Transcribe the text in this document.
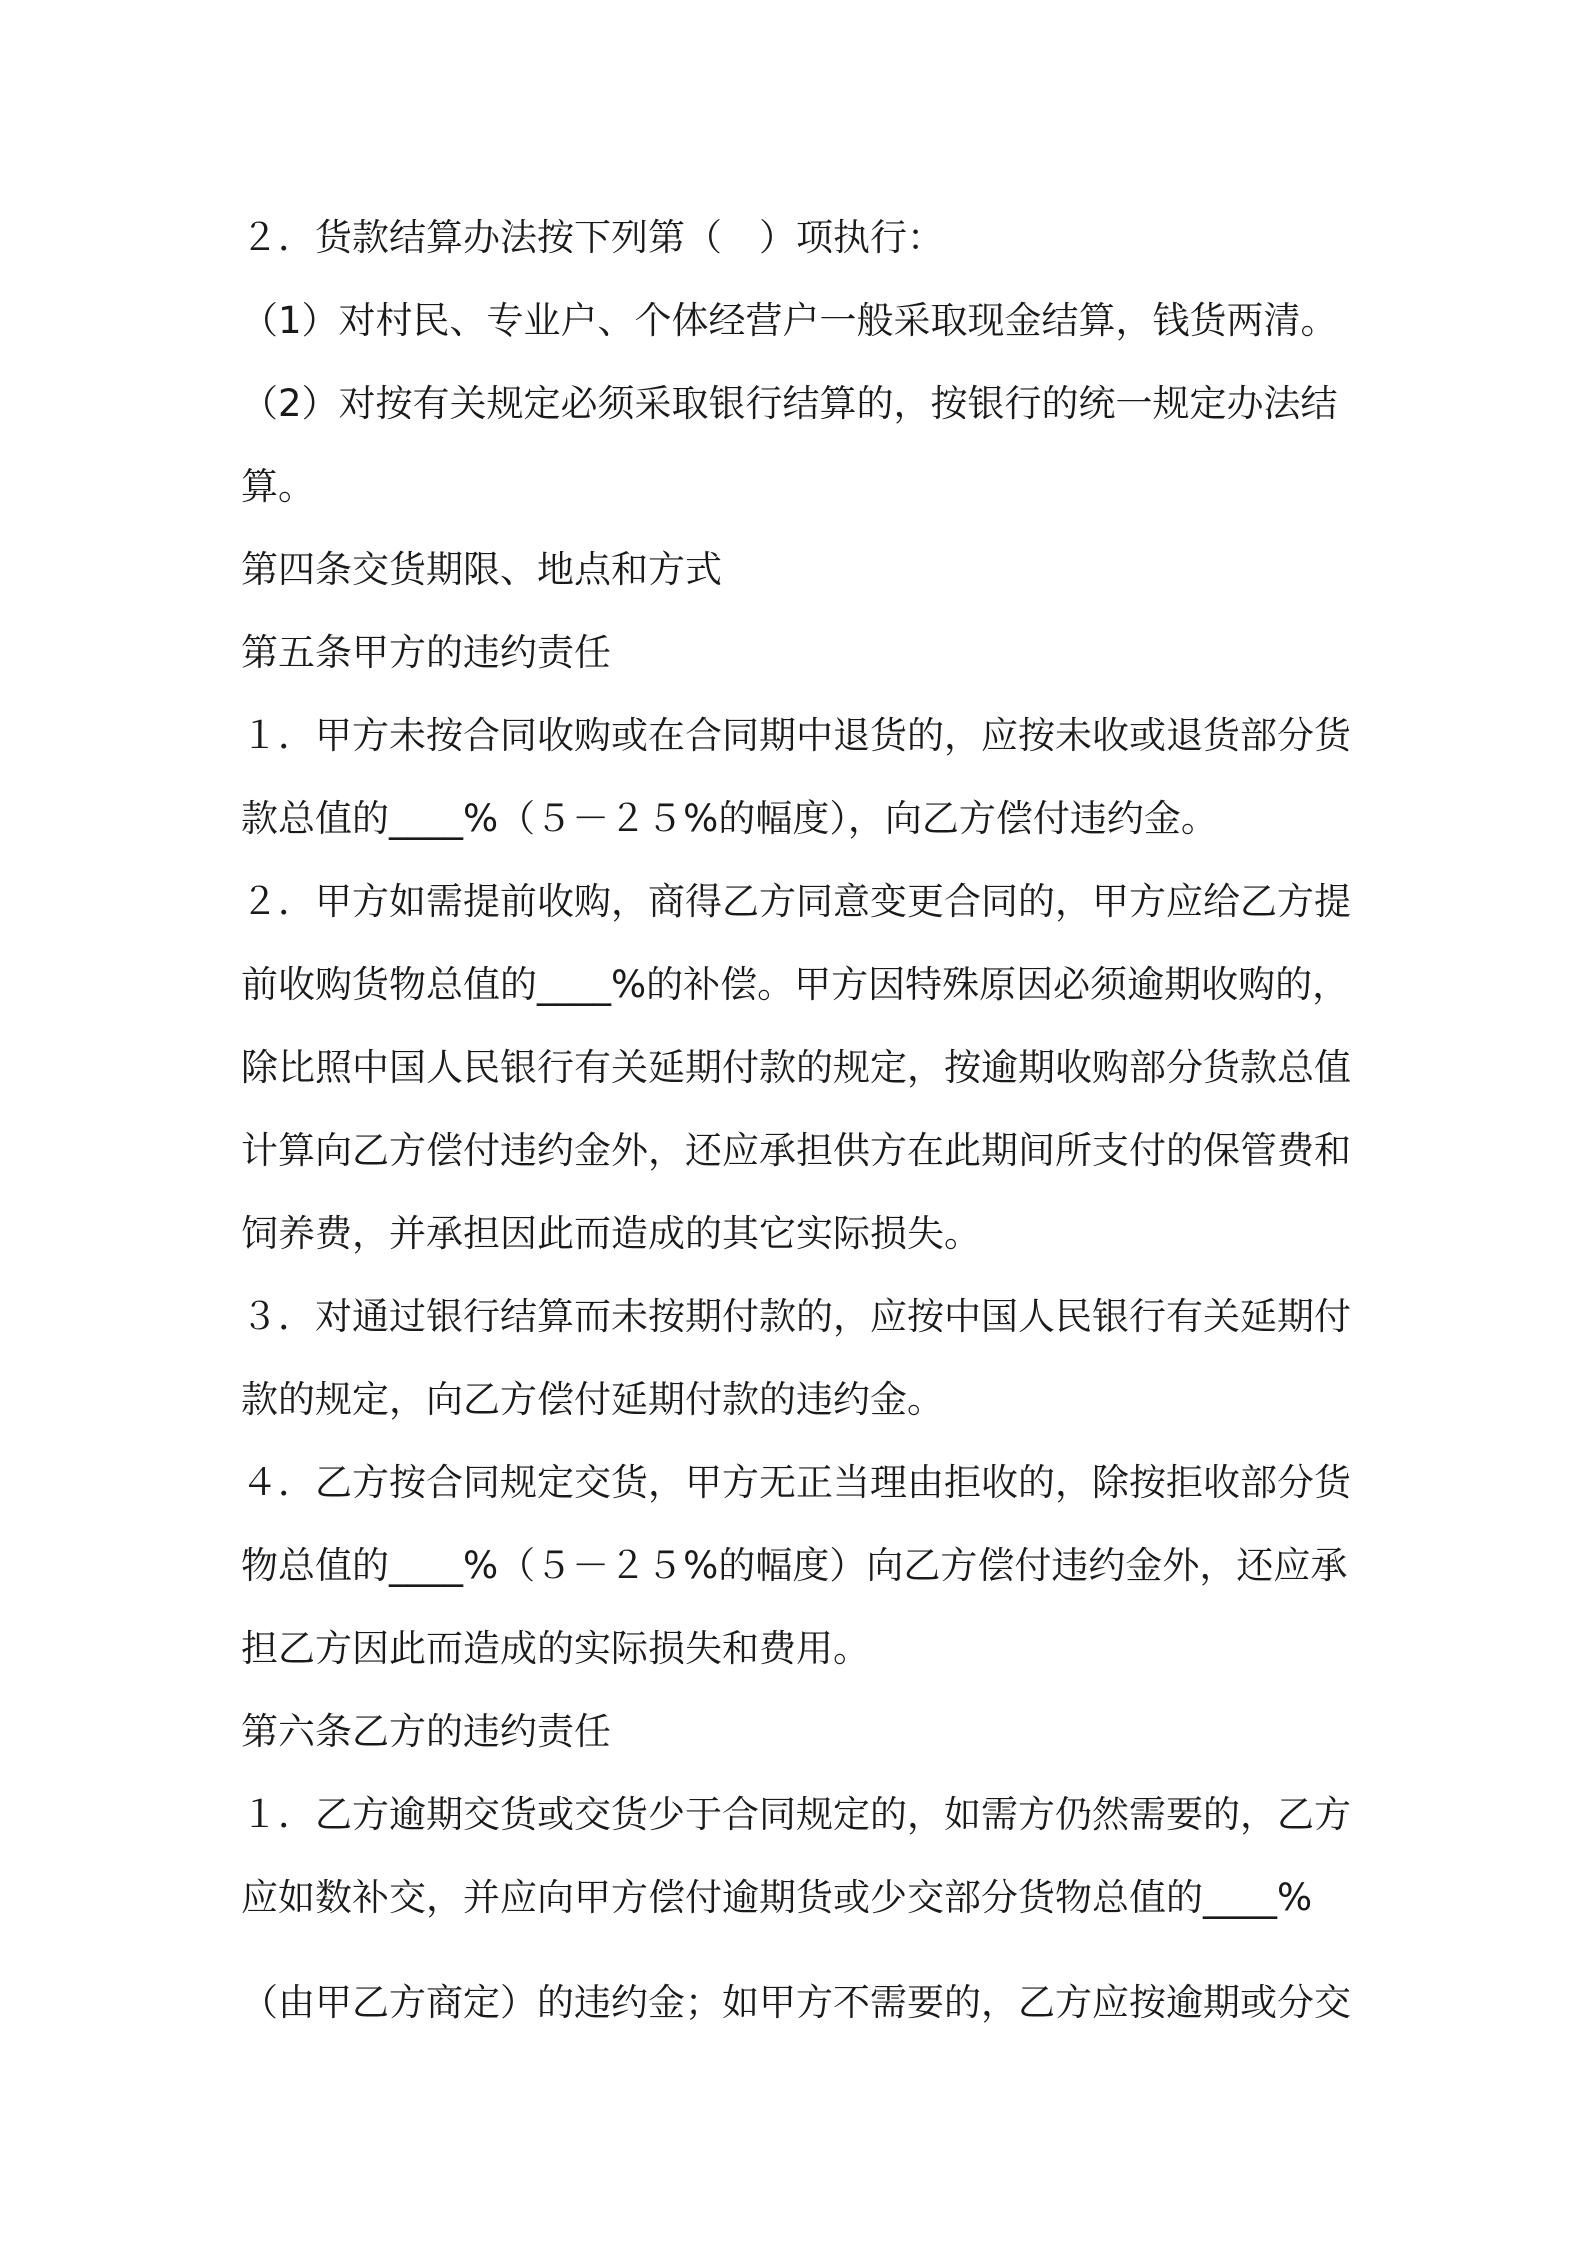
２．货款结算办法按下列第（　）项执行：
（1）对村民、专业户、个体经营户一般采取现金结算，钱货两清。
（2）对按有关规定必须采取银行结算的，按银行的统一规定办法结
算。
第四条交货期限、地点和方式
第五条甲方的违约责任
１．甲方未按合同收购或在合同期中退货的，应按未收或退货部分货
款总值的____%（５－２５%的幅度），向乙方偿付违约金。
２．甲方如需提前收购，商得乙方同意变更合同的，甲方应给乙方提
前收购货物总值的____%的补偿。甲方因特殊原因必须逾期收购的，
除比照中国人民银行有关延期付款的规定，按逾期收购部分货款总值
计算向乙方偿付违约金外，还应承担供方在此期间所支付的保管费和
饲养费，并承担因此而造成的其它实际损失。
３．对通过银行结算而未按期付款的，应按中国人民银行有关延期付
款的规定，向乙方偿付延期付款的违约金。
４．乙方按合同规定交货，甲方无正当理由拒收的，除按拒收部分货
物总值的____%（５－２５%的幅度）向乙方偿付违约金外，还应承
担乙方因此而造成的实际损失和费用。
第六条乙方的违约责任
１．乙方逾期交货或交货少于合同规定的，如需方仍然需要的，乙方
应如数补交，并应向甲方偿付逾期货或少交部分货物总值的____%
（由甲乙方商定）的违约金；如甲方不需要的，乙方应按逾期或分交
